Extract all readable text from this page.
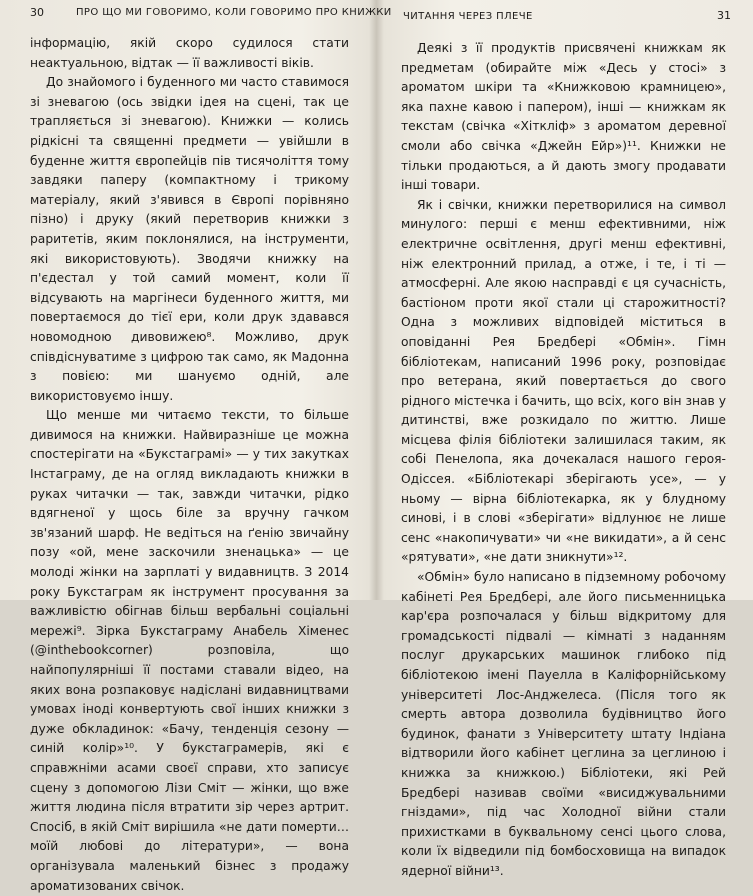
30	ПРО ЩО МИ ГОВОРИМО, КОЛИ ГОВОРИМО ПРО КНИЖКИ

інформацію, якій скоро судилося стати неактуальною, відтак — її важливості віків.

До знайомого і буденного ми часто ставимося зі зневагою (ось звідки ідея на сцені, так це трапляється зі зневагою). Книжки — колись рідкісні та священні предмети — увійшли в буденне життя європейців пів тисячоліття тому завдяки паперу (компактному і трикому матеріалу, який з'явився в Європі порівняно пізно) і друку (який перетворив книжки з раритетів, яким поклонялися, на інструменти, які використовують). Зводячи книжку на п'єдестал у той самий момент, коли її відсувають на маргінеси буденного життя, ми повертаємося до тієї ери, коли друк здавався новомодною дивовижею⁸. Можливо, друк співдіснуватиме з цифрою так само, як Мадонна з повією: ми шануємо одній, але використовуємо іншу.

Що менше ми читаємо тексти, то більше дивимося на книжки. Найвиразніше це можна спостерігати на «Букстаграмі» — у тих закутках Інстаграму, де на огляд викладають книжки в руках читачки — так, завжди читачки, рідко вдягненої у щось біле за вручну гачком зв'язаний шарф. Не ведіться на ґенію звичайну позу «ой, мене заскочили зненацька» — це молоді жінки на зарплаті у видавництв. З 2014 року Букстаграм як інструмент просування за важливістю обігнав більш вербальні соціальні мережі⁹. Зірка Букстаграму Анабель Хіменес (@inthebookcorner) розповіла, що найпопулярніші її постами ставали відео, на яких вона розпаковує надіслані видавництвами умовах іноді конвертують свої інших книжки з дуже обкладинок: «Бачу, тенденція сезону — синій колір»¹⁰. У букстаграмерів, які є справжніми асами своєї справи, хто записує сцену з допомогою Лізи Сміт — жінки, що вже життя людина після втратити зір через артрит. Спосіб, в якій Сміт вирішила «не дати померти… моїй любові до літератури», — вона організувала маленький бізнес з продажу ароматизованих свічок.

ЧИТАННЯ ЧЕРЕЗ ПЛЕЧЕ	31

Деякі з її продуктів присвячені книжкам як предметам (обирайте між «Десь у стосі» з ароматом шкіри та «Книжковою крамницею», яка пахне кавою і папером), інші — книжкам як текстам (свічка «Хіткліф» з ароматом деревної смоли або свічка «Джейн Ейр»)¹¹. Книжки не тільки продаються, а й дають змогу продавати інші товари.

Як і свічки, книжки перетворилися на символ минулого: перші є менш ефективними, ніж електричне освітлення, другі менш ефективні, ніж електронний прилад, а отже, і те, і ті — атмосферні. Але якою насправді є ця сучасність, бастіоном проти якої стали ці старожитності? Одна з можливих відповідей міститься в оповіданні Рея Бредбері «Обмін». Гімн бібліотекам, написаний 1996 року, розповідає про ветерана, який повертається до свого рідного містечка і бачить, що всіх, кого він знав у дитинстві, вже розкидало по життю. Лише місцева філія бібліотеки залишилася таким, як собі Пенелопа, яка дочекалася нашого героя-Одіссея. «Бібліотекарі зберігають усе», — у ньому — вірна бібліотекарка, як у блудному синові, і в слові «зберігати» відлунює не лише сенс «накопичувати» чи «не викидати», а й сенс «рятувати», «не дати зникнути»¹².

«Обмін» було написано в підземному робочому кабінеті Рея Бредбері, але його письменницька кар'єра розпочалася у більш відкритому для громадськості підвалі — кімнаті з наданням послуг друкарських машинок глибоко під бібліотекою імені Пауелла в Каліфорнійському університеті Лос-Анджелеса. (Після того як смерть автора дозволила будівництво його будинок, фанати з Університету штату Індіана відтворили його кабінет цеглина за цеглиною і книжка за книжкою.) Бібліотеки, які Рей Бредбері називав своїми «висиджувальними гніздами», під час Холодної війни стали прихистками в буквальному сенсі цього слова, коли їх відведили під бомбосховища на випадок ядерної війни¹³.
